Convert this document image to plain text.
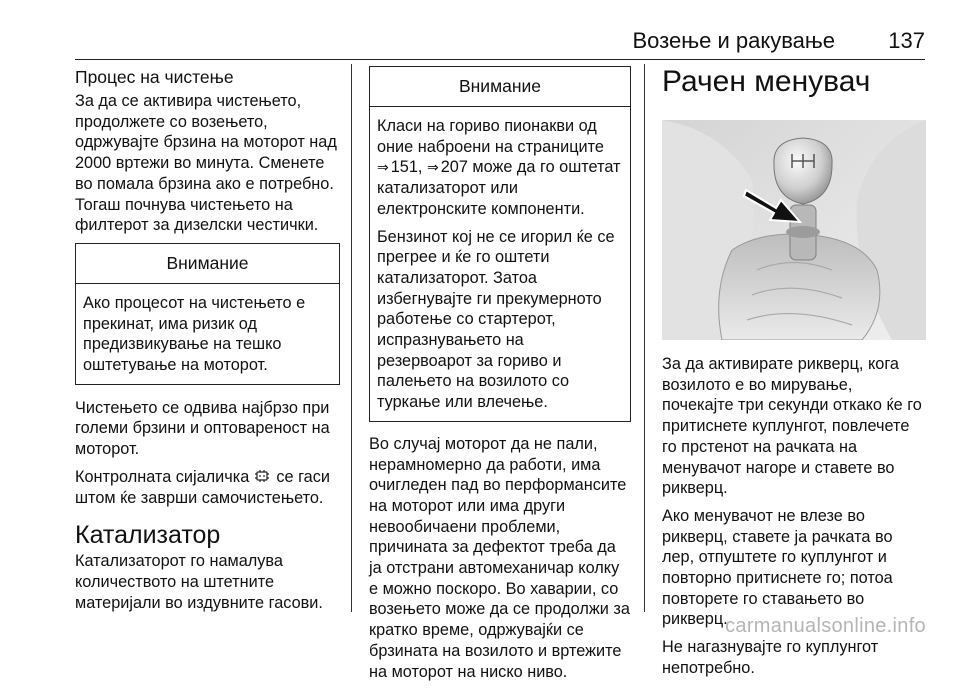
Возење и ракување 137
Процес на чистење

За да се активира чистењето, продолжете со возењето, одржувајте брзина на моторот над 2000 вртежи во минута. Сменете во помала брзина ако е потребно. Тогаш почнува чистењето на филтерот за дизелски честички.

Внимание

Ако процесот на чистењето е прекинат, има ризик од предизвикување на тешко оштетување на моторот.

Чистењето се одвива најбрзо при големи брзини и оптовареност на моторот.

Контролната сијаличка се гаси штом ќе заврши самочистењето.

Катализатор

Катализаторот го намалува количеството на штетните материјали во издувните гасови.

Внимание

Класи на гориво пионакви од оние наброени на страниците ⇒ 151, ⇒ 207 може да го оштетат катализаторот или електронските компоненти.

Бензинот кој не се игорил ќе се прегрее и ќе го оштети катализаторот. Затоа избегнувајте ги прекумерното работење со стартерот, испразнувањето на резервоарот за гориво и палењето на возилото со туркање или влечење.

Во случај моторот да не пали, нерамномерно да работи, има очигледен пад во перформансите на моторот или има други невообичаени проблеми, причината за дефектот треба да ја отстрани автомеханичар колку е можно поскоро. Во хаварии, со возењето може да се продолжи за кратко време, одржувајќи се брзината на возилото и вртежите на моторот на ниско ниво.

Рачен менувач

За да активирате рикверц, кога возилото е во мирување, почекајте три секунди откако ќе го притиснете куплунгот, повлечете го прстенот на рачката на менувачот нагоре и ставете во рикверц.

Ако менувачот не влезе во рикверц, ставете ја рачката во лер, отпуштете го куплунгот и повторно притиснете го; потоа повторете го ставањето во рикверц.

Не нагазнувајте го куплунгот непотребно.

carmanualsonline.info
